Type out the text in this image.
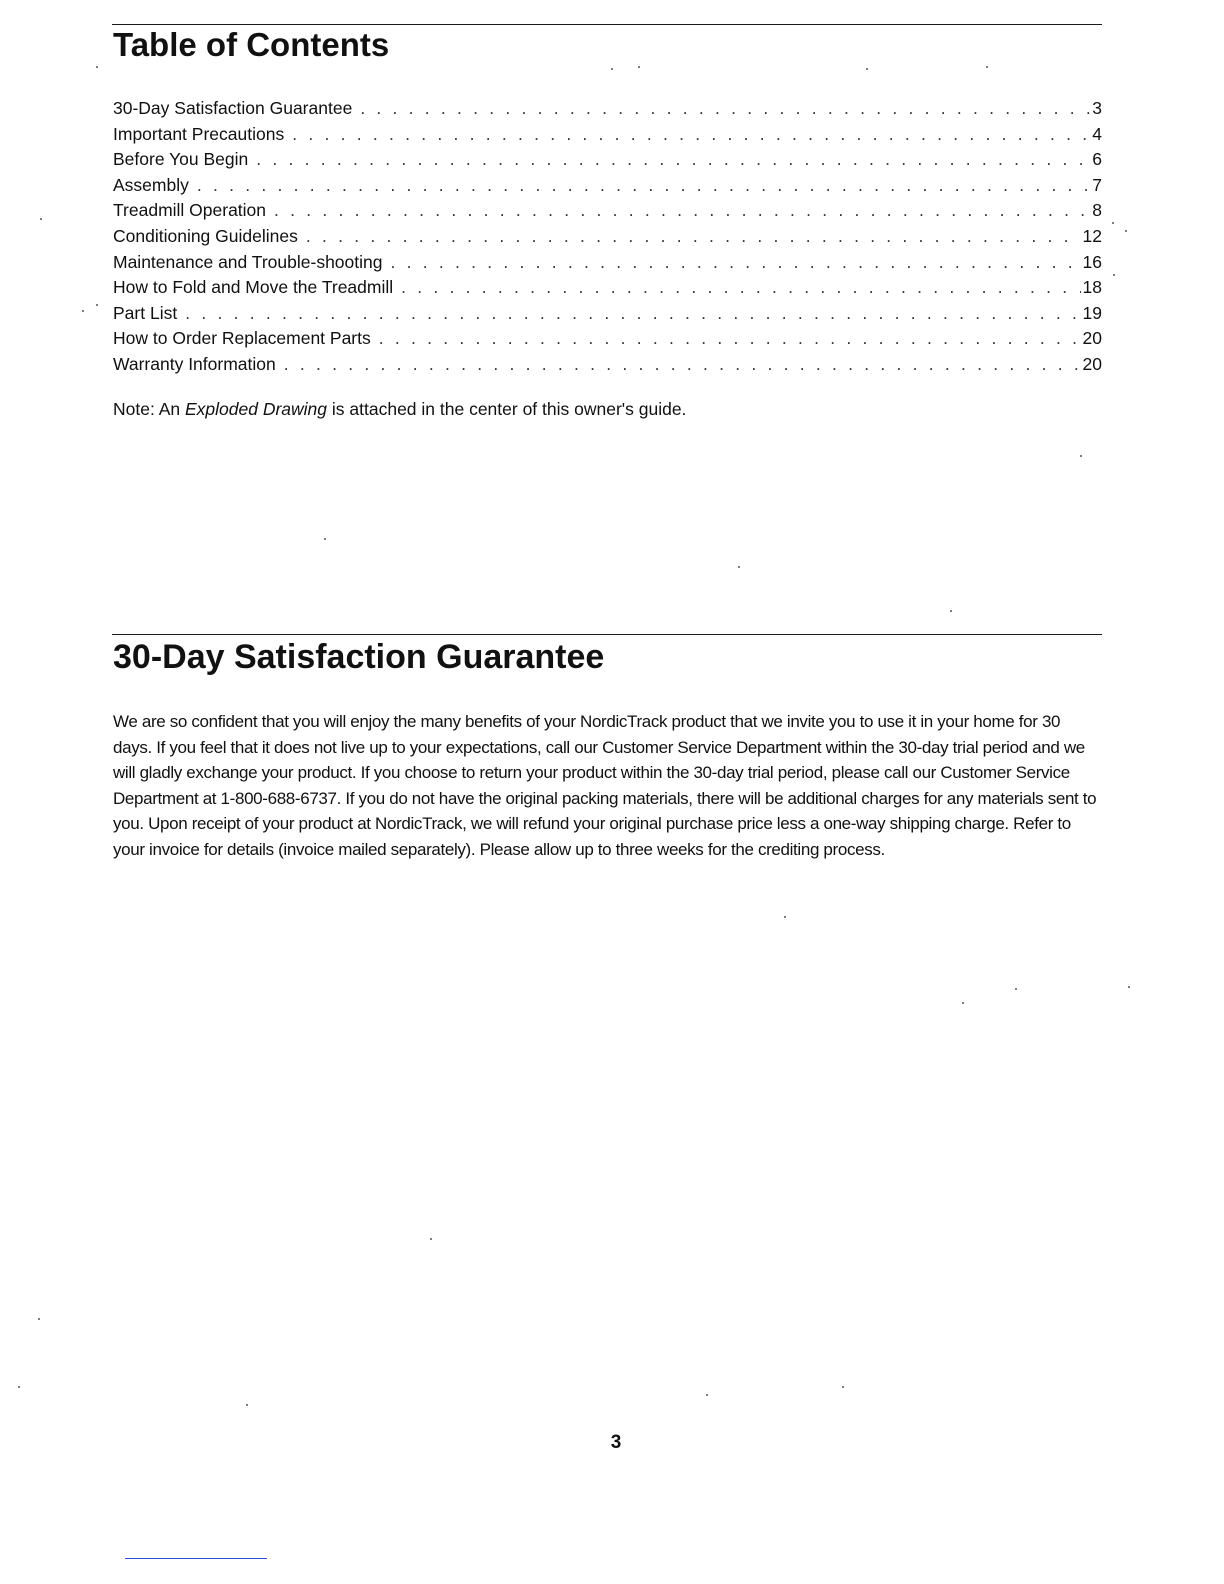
Table of Contents
30-Day Satisfaction Guarantee . . .	3
Important Precautions . . .	4
Before You Begin . . .	6
Assembly . . .	7
Treadmill Operation . . .	8
Conditioning Guidelines . . .	12
Maintenance and Trouble-shooting . . .	16
How to Fold and Move the Treadmill . . .	18
Part List . . .	19
How to Order Replacement Parts . . .	20
Warranty Information . . .	20

Note: An Exploded Drawing is attached in the center of this owner's guide.

30-Day Satisfaction Guarantee

We are so confident that you will enjoy the many benefits of your NordicTrack product that we invite you to use it in your home for 30 days. If you feel that it does not live up to your expectations, call our Customer Service Department within the 30-day trial period and we will gladly exchange your product. If you choose to return your product within the 30-day trial period, please call our Customer Service Department at 1-800-688-6737. If you do not have the original packing materials, there will be additional charges for any materials sent to you. Upon receipt of your product at NordicTrack, we will refund your original purchase price less a one-way shipping charge. Refer to your invoice for details (invoice mailed separately). Please allow up to three weeks for the crediting process.

3
